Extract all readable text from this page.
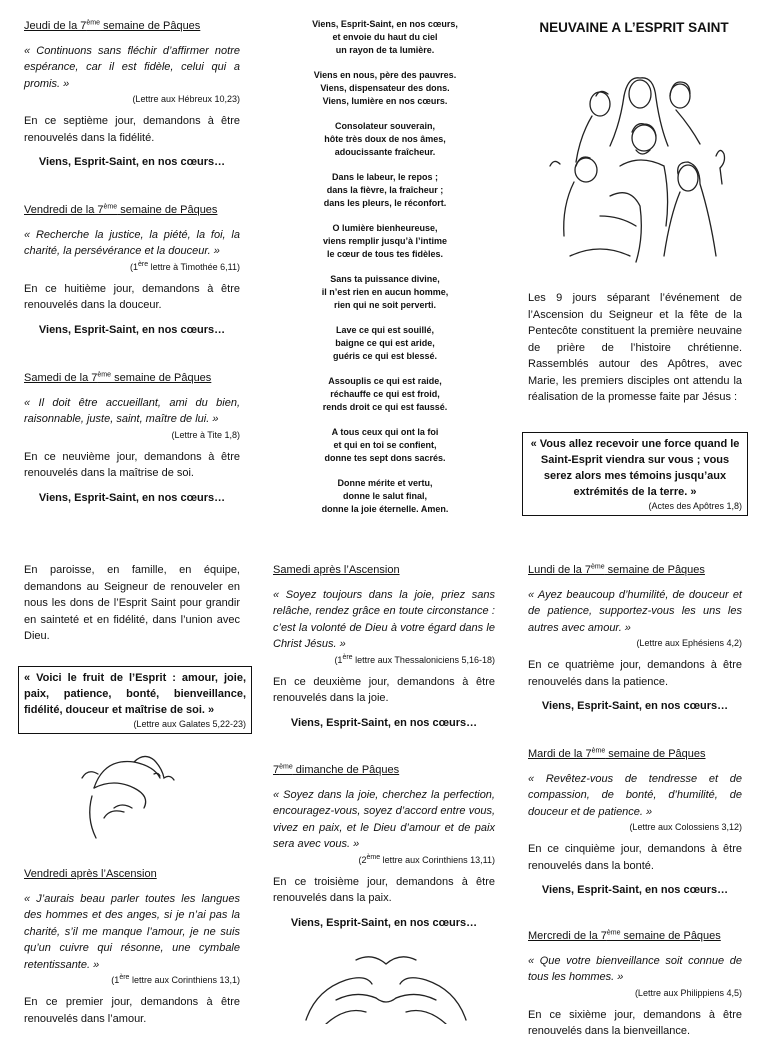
Jeudi de la 7ème semaine de Pâques

« Continuons sans fléchir d’affirmer notre espérance, car il est fidèle, celui qui a promis. »

(Lettre aux Hébreux 10,23)

En ce septième jour, demandons à être renouvelés dans la fidélité.

Viens, Esprit-Saint, en nos cœurs…

Vendredi de la 7ème semaine de Pâques

« Recherche la justice, la piété, la foi, la charité, la persévérance et la douceur. »

(1ère lettre à Timothée 6,11)

En ce huitième jour, demandons à être renouvelés dans la douceur.

Viens, Esprit-Saint, en nos cœurs…

Samedi de la 7ème semaine de Pâques

« Il doit être accueillant, ami du bien, raisonnable, juste, saint, maître de lui. »

(Lettre à Tite 1,8)

En ce neuvième jour, demandons à être renouvelés dans la maîtrise de soi.

Viens, Esprit-Saint, en nos cœurs…

Viens, Esprit-Saint, en nos cœurs,
et envoie du haut du ciel
un rayon de ta lumière.
Viens en nous, père des pauvres.
Viens, dispensateur des dons.
Viens, lumière en nos cœurs.
Consolateur souverain,
hôte très doux de nos âmes,
adoucissante fraîcheur.
Dans le labeur, le repos ;
dans la fièvre, la fraîcheur ;
dans les pleurs, le réconfort.
O lumière bienheureuse,
viens remplir jusqu’à l’intime
le cœur de tous tes fidèles.
Sans ta puissance divine,
il n’est rien en aucun homme,
rien qui ne soit perverti.
Lave ce qui est souillé,
baigne ce qui est aride,
guéris ce qui est blessé.
Assouplis ce qui est raide,
réchauffe ce qui est froid,
rends droit ce qui est faussé.
A tous ceux qui ont la foi
et qui en toi se confient,
donne tes sept dons sacrés.
Donne mérite et vertu,
donne le salut final,
donne la joie éternelle. Amen.
NEUVAINE A L’ESPRIT SAINT

Les 9 jours séparant l’événement de l’Ascension du Seigneur et la fête de la Pentecôte constituent la première neuvaine de prière de l’histoire chrétienne. Rassemblés autour des Apôtres, avec Marie, les premiers disciples ont attendu la réalisation de la promesse faite par Jésus :

« Vous allez recevoir une force quand le Saint-Esprit viendra sur vous ; vous serez alors mes témoins jusqu’aux extrémités de la terre. »

(Actes des Apôtres 1,8)

En paroisse, en famille, en équipe, demandons au Seigneur de renouveler en nous les dons de l’Esprit Saint pour grandir en sainteté et en fidélité, dans l’union avec Dieu.

« Voici le fruit de l’Esprit : amour, joie, paix, patience, bonté, bienveillance, fidélité, douceur et maîtrise de soi. »

(Lettre aux Galates 5,22-23)

Vendredi après l’Ascension

« J’aurais beau parler toutes les langues des hommes et des anges, si je n’ai pas la charité, s’il me manque l’amour, je ne suis qu’un cuivre qui résonne, une cymbale retentissante. »

(1ère lettre aux Corinthiens 13,1)

En ce premier jour, demandons à être renouvelés dans l’amour.

Samedi après l’Ascension

« Soyez toujours dans la joie, priez sans relâche, rendez grâce en toute circonstance : c’est la volonté de Dieu à votre égard dans le Christ Jésus. »

(1ère lettre aux Thessaloniciens 5,16-18)

En ce deuxième jour, demandons à être renouvelés dans la joie.

Viens, Esprit-Saint, en nos cœurs…

7ème dimanche de Pâques

« Soyez dans la joie, cherchez la perfection, encouragez-vous, soyez d’accord entre vous, vivez en paix, et le Dieu d’amour et de paix sera avec vous. »

(2ème lettre aux Corinthiens 13,11)

En ce troisième jour, demandons à être renouvelés dans la paix.

Viens, Esprit-Saint, en nos cœurs…

Lundi de la 7ème semaine de Pâques

« Ayez beaucoup d’humilité, de douceur et de patience, supportez-vous les uns les autres avec amour. »

(Lettre aux Ephésiens 4,2)

En ce quatrième jour, demandons à être renouvelés dans la patience.

Viens, Esprit-Saint, en nos cœurs…

Mardi de la 7ème semaine de Pâques

« Revêtez-vous de tendresse et de compassion, de bonté, d’humilité, de douceur et de patience. »

(Lettre aux Colossiens 3,12)

En ce cinquième jour, demandons à être renouvelés dans la bonté.

Viens, Esprit-Saint, en nos cœurs…

Mercredi de la 7ème semaine de Pâques

« Que votre bienveillance soit connue de tous les hommes. »

(Lettre aux Philippiens 4,5)

En ce sixième jour, demandons à être renouvelés dans la bienveillance.
